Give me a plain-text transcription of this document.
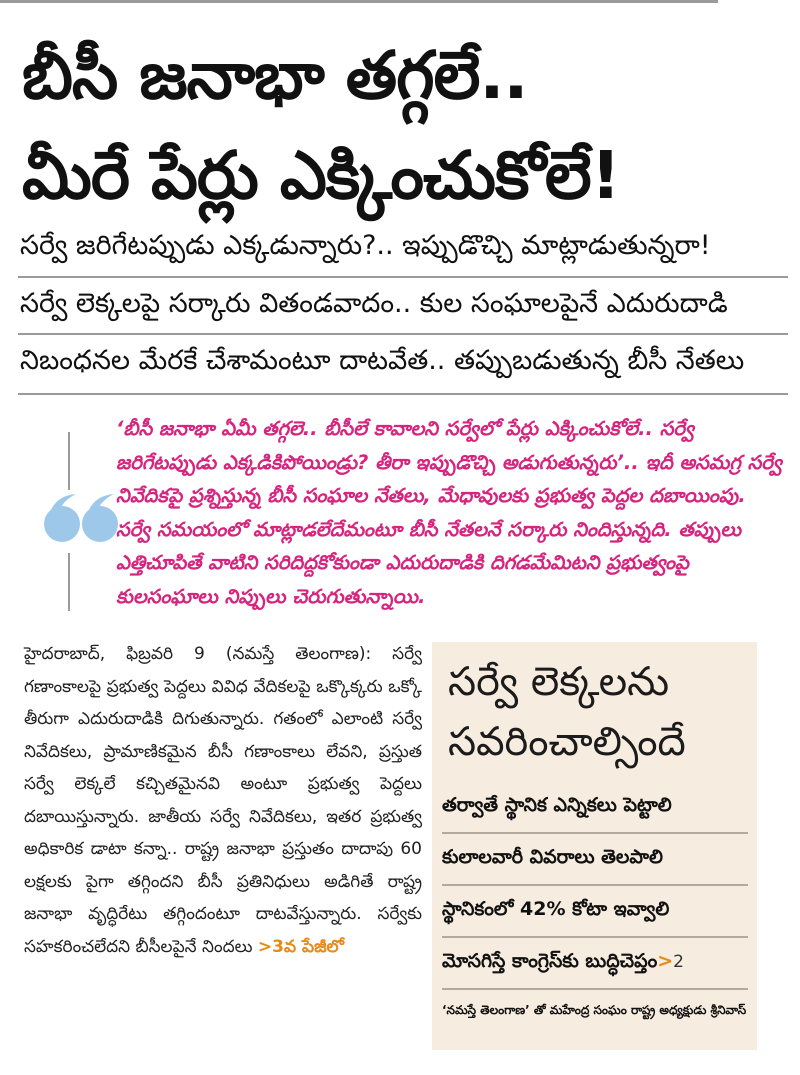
బీసీ జనాభా తగ్గలే..
మీరే పేర్లు ఎక్కించుకోలే!
సర్వే జరిగేటప్పుడు ఎక్కడున్నారు?.. ఇప్పుడొచ్చి మాట్లాడుతున్నరా!
సర్వే లెక్కలపై సర్కారు వితండవాదం.. కుల సంఘాలపైనే ఎదురుదాడి
నిబంధనల మేరకే చేశామంటూ దాటవేత.. తప్పుబడుతున్న బీసీ నేతలు
‘బీసీ జనాభా ఏమీ తగ్గలె.. బీసీలే కావాలని సర్వేలో పేర్లు ఎక్కించుకోలే.. సర్వే జరిగేటప్పుడు ఎక్కడికిపోయిండ్రు? తీరా ఇప్పుడొచ్చి అడుగుతున్నరు’.. ఇదీ అసమగ్ర సర్వే నివేదికపై ప్రశ్నిస్తున్న బీసీ సంఘాల నేతలు, మేధావులకు ప్రభుత్వ పెద్దల దబాయింపు. సర్వే సమయంలో మాట్లాడలేదేమంటూ బీసీ నేతలనే సర్కారు నిందిస్తున్నది. తప్పులు ఎత్తిచూపితే వాటిని సరిదిద్దకోకుండా ఎదురుదాడికి దిగడమేమిటని ప్రభుత్వంపై కులసంఘాలు నిప్పులు చెరుగుతున్నాయి.
హైదరాబాద్, ఫిబ్రవరి 9 (నమస్తే తెలంగాణ): సర్వే గణాంకాలపై ప్రభుత్వ పెద్దలు వివిధ వేదికలపై ఒక్కొక్కరు ఒక్కో తీరుగా ఎదురుదాడికి దిగుతున్నారు. గతంలో ఎలాంటి సర్వే నివేదికలు, ప్రామాణికమైన బీసీ గణాంకాలు లేవని, ప్రస్తుత సర్వే లెక్కలే కచ్చితమైనవి అంటూ ప్రభుత్వ పెద్దలు దబాయిస్తున్నారు. జాతీయ సర్వే నివేదికలు, ఇతర ప్రభుత్వ అధికారిక డాటా కన్నా.. రాష్ట్ర జనాభా ప్రస్తుతం దాదాపు 60 లక్షలకు పైగా తగ్గిందని బీసీ ప్రతినిధులు అడిగితే రాష్ట్ర జనాభా వృద్ధిరేటు తగ్గిందంటూ దాటవేస్తున్నారు. సర్వేకు సహకరించలేదని బీసీలపైనే నిందలు >3వ పేజీలో
సర్వే లెక్కలను సవరించాల్సిందే
తర్వాతే స్థానిక ఎన్నికలు పెట్టాలి
కులాలవారీ వివరాలు తెలపాలి
స్థానికంలో 42% కోటా ఇవ్వాలి
మోసగిస్తే కాంగ్రెస్‌కు బుద్ధిచెప్తం>2
‘నమస్తే తెలంగాణ’ తో మహేంద్ర సంఘం రాష్ట్ర అధ్యక్షుడు శ్రీనివాస్
